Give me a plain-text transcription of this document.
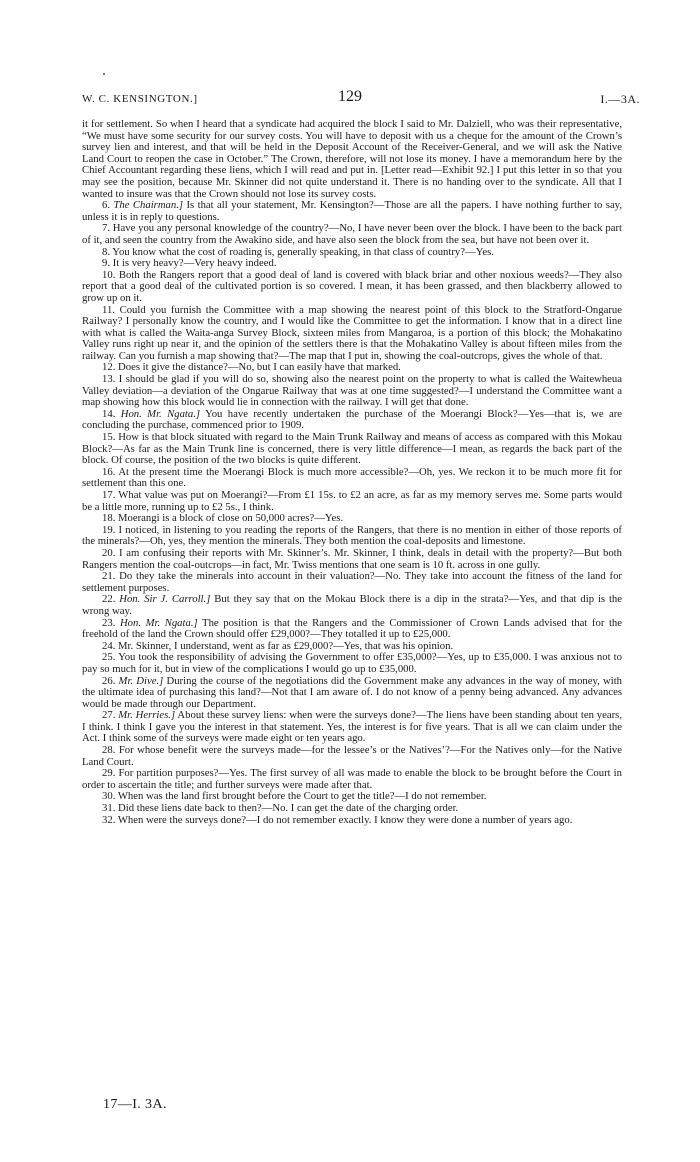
W. C. KENSINGTON.]	129	I.—3A.

it for settlement. So when I heard that a syndicate had acquired the block I said to Mr. Dalziell, who was their representative, “We must have some security for our survey costs. You will have to deposit with us a cheque for the amount of the Crown’s survey lien and interest, and that will be held in the Deposit Account of the Receiver-General, and we will ask the Native Land Court to reopen the case in October.” The Crown, therefore, will not lose its money. I have a memorandum here by the Chief Accountant regarding these liens, which I will read and put in. [Letter read—Exhibit 92.] I put this letter in so that you may see the position, because Mr. Skinner did not quite understand it. There is no handing over to the syndicate. All that I wanted to insure was that the Crown should not lose its survey costs.

6. The Chairman.] Is that all your statement, Mr. Kensington?—Those are all the papers. I have nothing further to say, unless it is in reply to questions.

7. Have you any personal knowledge of the country?—No, I have never been over the block. I have been to the back part of it, and seen the country from the Awakino side, and have also seen the block from the sea, but have not been over it.

8. You know what the cost of roading is, generally speaking, in that class of country?—Yes.

9. It is very heavy?—Very heavy indeed.

10. Both the Rangers report that a good deal of land is covered with black briar and other noxious weeds?—They also report that a good deal of the cultivated portion is so covered. I mean, it has been grassed, and then blackberry allowed to grow up on it.

11. Could you furnish the Committee with a map showing the nearest point of this block to the Stratford-Ongarue Railway? I personally know the country, and I would like the Committee to get the information. I know that in a direct line with what is called the Waita-anga Survey Block, sixteen miles from Mangaroa, is a portion of this block; the Mohakatino Valley runs right up near it, and the opinion of the settlers there is that the Mohakatino Valley is about fifteen miles from the railway. Can you furnish a map showing that?—The map that I put in, showing the coal-outcrops, gives the whole of that.

12. Does it give the distance?—No, but I can easily have that marked.

13. I should be glad if you will do so, showing also the nearest point on the property to what is called the Waitewheua Valley deviation—a deviation of the Ongarue Railway that was at one time suggested?—I understand the Committee want a map showing how this block would lie in connection with the railway. I will get that done.

14. Hon. Mr. Ngata.] You have recently undertaken the purchase of the Moerangi Block?—Yes—that is, we are concluding the purchase, commenced prior to 1909.

15. How is that block situated with regard to the Main Trunk Railway and means of access as compared with this Mokau Block?—As far as the Main Trunk line is concerned, there is very little difference—I mean, as regards the back part of the block. Of course, the position of the two blocks is quite different.

16. At the present time the Moerangi Block is much more accessible?—Oh, yes. We reckon it to be much more fit for settlement than this one.

17. What value was put on Moerangi?—From £1 15s. to £2 an acre, as far as my memory serves me. Some parts would be a little more, running up to £2 5s., I think.

18. Moerangi is a block of close on 50,000 acres?—Yes.

19. I noticed, in listening to you reading the reports of the Rangers, that there is no mention in either of those reports of the minerals?—Oh, yes, they mention the minerals. They both mention the coal-deposits and limestone.

20. I am confusing their reports with Mr. Skinner’s. Mr. Skinner, I think, deals in detail with the property?—But both Rangers mention the coal-outcrops—in fact, Mr. Twiss mentions that one seam is 10 ft. across in one gully.

21. Do they take the minerals into account in their valuation?—No. They take into account the fitness of the land for settlement purposes.

22. Hon. Sir J. Carroll.] But they say that on the Mokau Block there is a dip in the strata?—Yes, and that dip is the wrong way.

23. Hon. Mr. Ngata.] The position is that the Rangers and the Commissioner of Crown Lands advised that for the freehold of the land the Crown should offer £29,000?—They totalled it up to £25,000.

24. Mr. Skinner, I understand, went as far as £29,000?—Yes, that was his opinion.

25. You took the responsibility of advising the Government to offer £35,000?—Yes, up to £35,000. I was anxious not to pay so much for it, but in view of the complications I would go up to £35,000.

26. Mr. Dive.] During the course of the negotiations did the Government make any advances in the way of money, with the ultimate idea of purchasing this land?—Not that I am aware of. I do not know of a penny being advanced. Any advances would be made through our Department.

27. Mr. Herries.] About these survey liens: when were the surveys done?—The liens have been standing about ten years, I think. I think I gave you the interest in that statement. Yes, the interest is for five years. That is all we can claim under the Act. I think some of the surveys were made eight or ten years ago.

28. For whose benefit were the surveys made—for the lessee’s or the Natives’?—For the Natives only—for the Native Land Court.

29. For partition purposes?—Yes. The first survey of all was made to enable the block to be brought before the Court in order to ascertain the title; and further surveys were made after that.

30. When was the land first brought before the Court to get the title?—I do not remember.

31. Did these liens date back to then?—No. I can get the date of the charging order.

32. When were the surveys done?—I do not remember exactly. I know they were done a number of years ago.

17—I. 3A.
